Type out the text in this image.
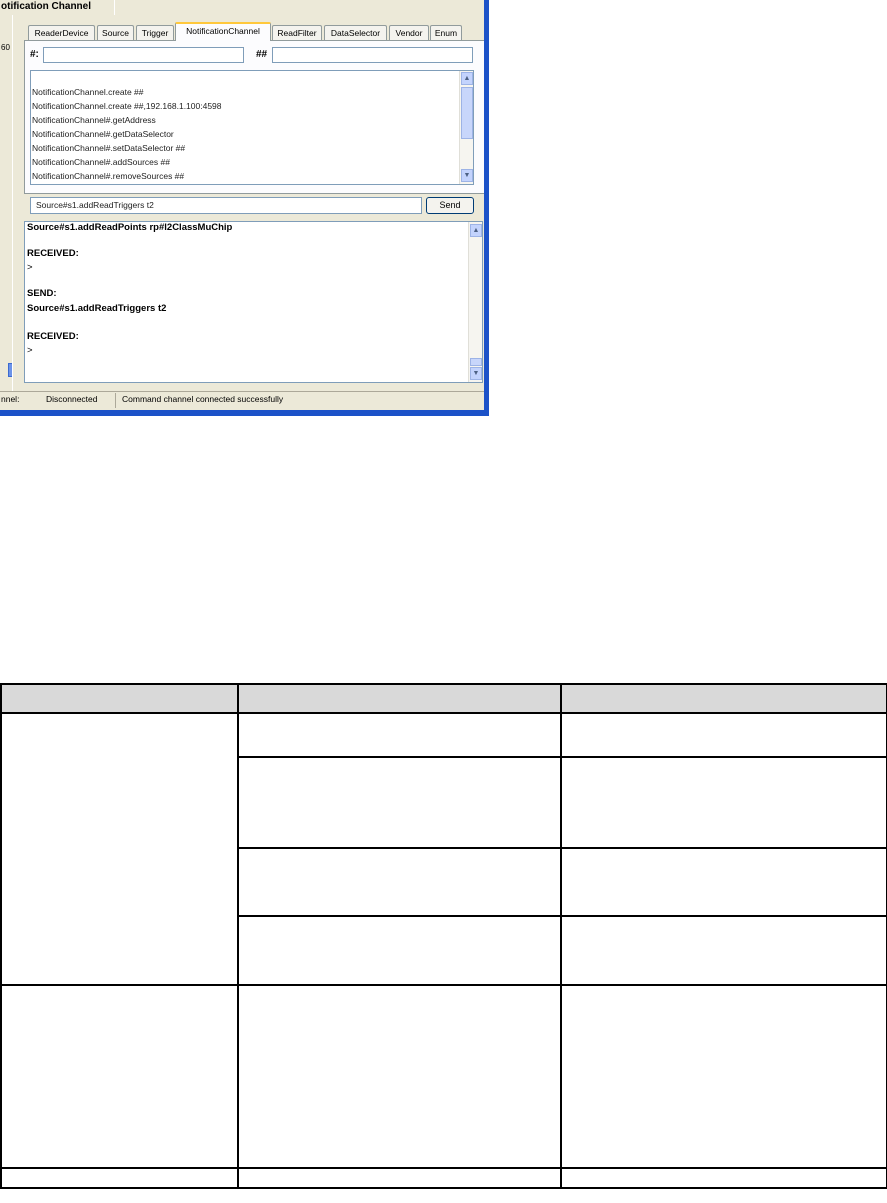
otification Channel
60
ReaderDevice	Source	Trigger	NotificationChannel	ReadFilter	DataSelector	Vendor	Enum
#:	##
NotificationChannel.create ##
NotificationChannel.create ##,192.168.1.100:4598
NotificationChannel#.getAddress
NotificationChannel#.getDataSelector
NotificationChannel#.setDataSelector ##
NotificationChannel#.addSources ##
NotificationChannel#.removeSources ##
▲
▼
Source#s1.addReadTriggers t2	Send
Source#s1.addReadPoints rp#l2ClassMuChip
RECEIVED:
>
SEND:
Source#s1.addReadTriggers t2
RECEIVED:
>
▲
▼
nnel:	Disconnected	Command channel connected successfully
